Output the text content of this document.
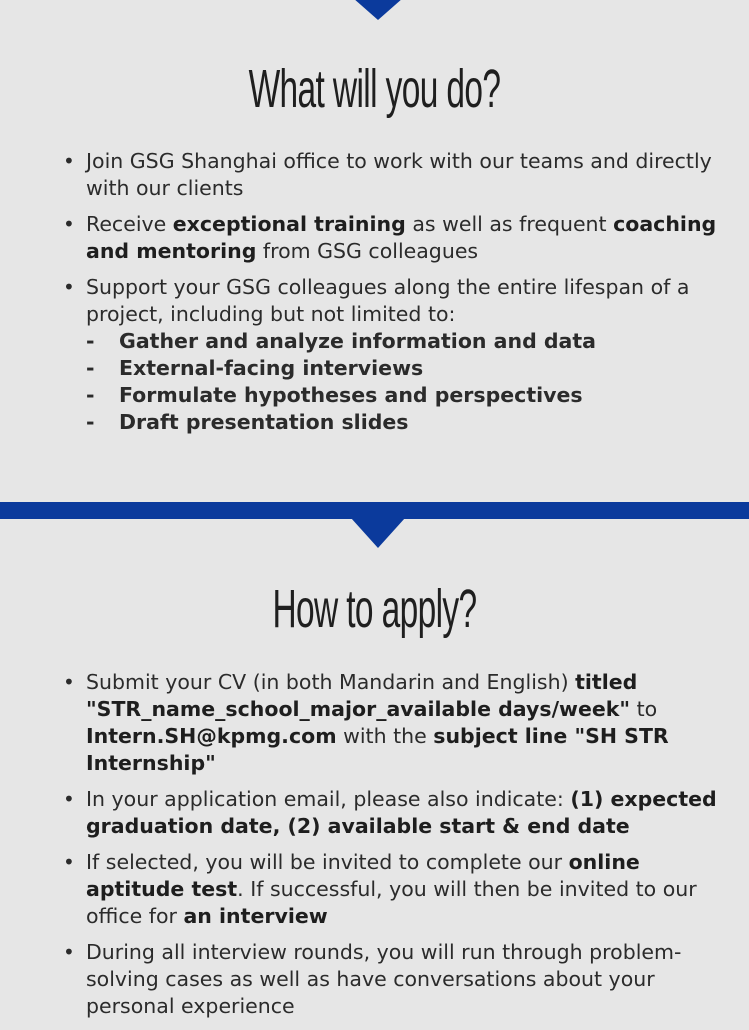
What will you do?
• Join GSG Shanghai office to work with our teams and directly with our clients
• Receive exceptional training as well as frequent coaching and mentoring from GSG colleagues
• Support your GSG colleagues along the entire lifespan of a project, including but not limited to:
- Gather and analyze information and data
- External-facing interviews
- Formulate hypotheses and perspectives
- Draft presentation slides
How to apply?
• Submit your CV (in both Mandarin and English) titled "STR_name_school_major_available days/week" to Intern.SH@kpmg.com with the subject line "SH STR Internship"
• In your application email, please also indicate: (1) expected graduation date, (2) available start & end date
• If selected, you will be invited to complete our online aptitude test. If successful, you will then be invited to our office for an interview
• During all interview rounds, you will run through problem-solving cases as well as have conversations about your personal experience
